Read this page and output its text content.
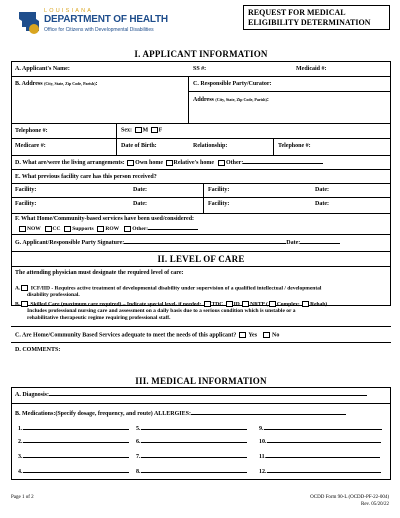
LOUISIANA
DEPARTMENT OF HEALTH
Office for Citizens with Developmental Disabilities
REQUEST FOR MEDICAL
ELIGIBILITY DETERMINATION
I. APPLICANT INFORMATION
A. Applicant's Name:	SS #:	Medicaid #:
B. Address (City, State, Zip Code, Parish):	C. Responsible Party/Curator:
Address (City, State, Zip Code, Parish):
Telephone #:	Sex: M F
Medicare #:	Date of Birth:	Relationship:	Telephone #:
D. What are/were the living arrangements: Own home Relative's home Other:
E. What previous facility care has this person received?
Facility:	Date:	Facility:	Date:
Facility:	Date:	Facility:	Date:
F. What Home/Community-based services have been used/considered:
NOW CC Supports ROW Other:
G. Applicant/Responsible Party Signature:	Date:
II. LEVEL OF CARE
The attending physician must designate the required level of care:
A. ICF/IID - Requires active treatment of developmental disability under supervision of a qualified intellectual / developmental
disability professional.
B. Skilled Care (maximum care required) – Indicate special level, if needed: TDC ID NRTP ( Complex; Rehab)
Includes professional nursing care and assessment on a daily basis due to a serious condition which is unstable or a
rehabilitative therapeutic regime requiring professional staff.
C. Are Home/Community Based Services adequate to meet the needs of this applicant? Yes	No
D. COMMENTS:
III. MEDICAL INFORMATION
A. Diagnosis:
B. Medications:(Specify dosage, frequency, and route) ALLERGIES:
1.	5.	9.
2.	6.	10.
3.	7.	11.
4.	8.	12.
Page 1 of 2	OCDD Form 90-L (OCDD-PF-22-004)
Rev. 05/20/22
